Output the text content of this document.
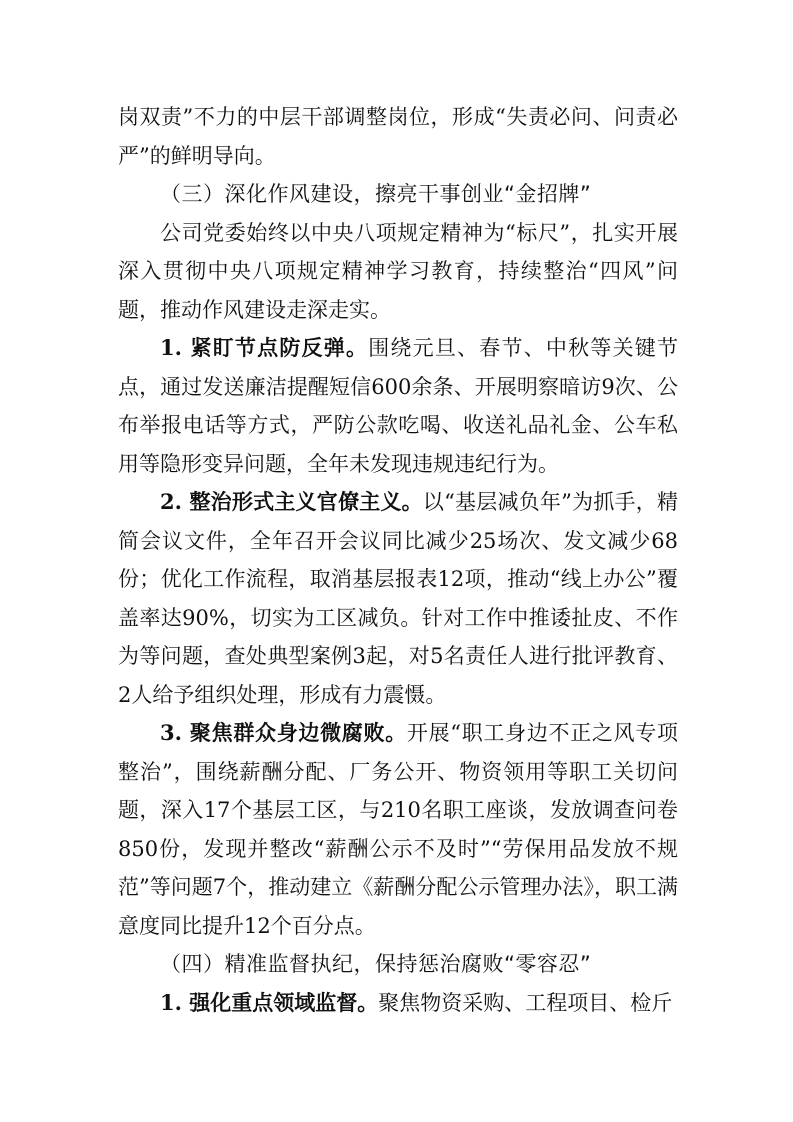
岗双责”不力的中层干部调整岗位，形成“失责必问、问责必严”的鲜明导向。

（三）深化作风建设，擦亮干事创业“金招牌”

公司党委始终以中央八项规定精神为“标尺”，扎实开展深入贯彻中央八项规定精神学习教育，持续整治“四风”问题，推动作风建设走深走实。

1. 紧盯节点防反弹。围绕元旦、春节、中秋等关键节点，通过发送廉洁提醒短信600余条、开展明察暗访9次、公布举报电话等方式，严防公款吃喝、收送礼品礼金、公车私用等隐形变异问题，全年未发现违规违纪行为。

2. 整治形式主义官僚主义。以“基层减负年”为抓手，精简会议文件，全年召开会议同比减少25场次、发文减少68份；优化工作流程，取消基层报表12项，推动“线上办公”覆盖率达90%，切实为工区减负。针对工作中推诿扯皮、不作为等问题，查处典型案例3起，对5名责任人进行批评教育、2人给予组织处理，形成有力震慑。

3. 聚焦群众身边微腐败。开展“职工身边不正之风专项整治”，围绕薪酬分配、厂务公开、物资领用等职工关切问题，深入17个基层工区，与210名职工座谈，发放调查问卷850份，发现并整改“薪酬公示不及时”“劳保用品发放不规范”等问题7个，推动建立《薪酬分配公示管理办法》，职工满意度同比提升12个百分点。

（四）精准监督执纪，保持惩治腐败“零容忍”

1. 强化重点领域监督。聚焦物资采购、工程项目、检斤
